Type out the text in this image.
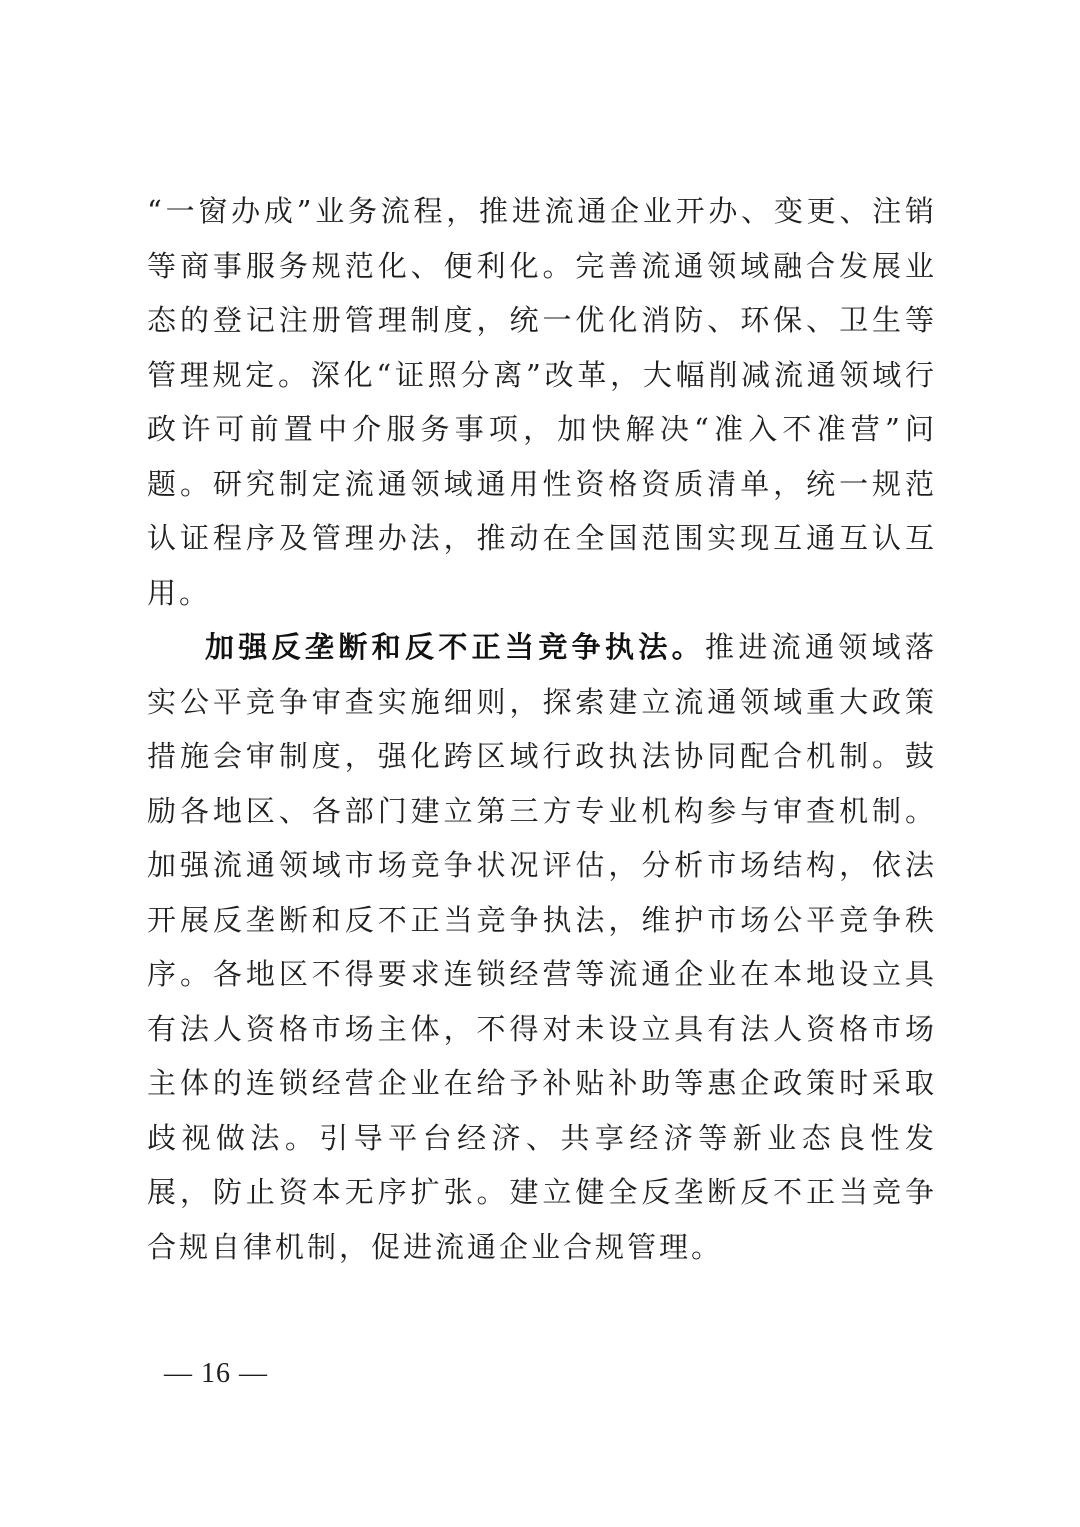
“一窗办成”业务流程，推进流通企业开办、变更、注销等商事服务规范化、便利化。完善流通领域融合发展业态的登记注册管理制度，统一优化消防、环保、卫生等管理规定。深化“证照分离”改革，大幅削减流通领域行政许可前置中介服务事项，加快解决“准入不准营”问题。研究制定流通领域通用性资格资质清单，统一规范认证程序及管理办法，推动在全国范围实现互通互认互用。

加强反垄断和反不正当竞争执法。推进流通领域落实公平竞争审查实施细则，探索建立流通领域重大政策措施会审制度，强化跨区域行政执法协同配合机制。鼓励各地区、各部门建立第三方专业机构参与审查机制。加强流通领域市场竞争状况评估，分析市场结构，依法开展反垄断和反不正当竞争执法，维护市场公平竞争秩序。各地区不得要求连锁经营等流通企业在本地设立具有法人资格市场主体，不得对未设立具有法人资格市场主体的连锁经营企业在给予补贴补助等惠企政策时采取歧视做法。引导平台经济、共享经济等新业态良性发展，防止资本无序扩张。建立健全反垄断反不正当竞争合规自律机制，促进流通企业合规管理。

— 16 —
